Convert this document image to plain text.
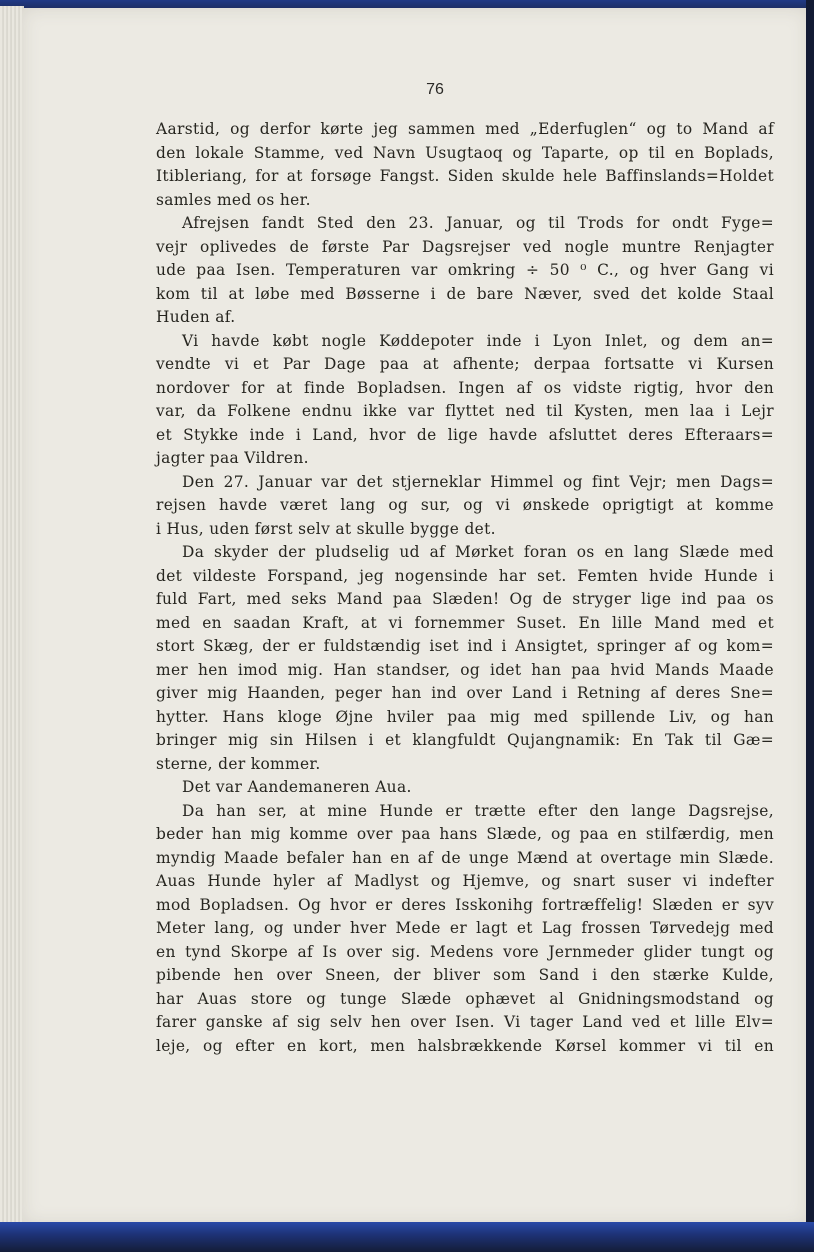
76

Aarstid, og derfor kørte jeg sammen med „Ederfuglen“ og to Mand af

den lokale Stamme, ved Navn Usugtaoq og Taparte, op til en Boplads,

Itibleriang, for at forsøge Fangst. Siden skulde hele Baffinslands=Holdet

samles med os her.

Afrejsen fandt Sted den 23. Januar, og til Trods for ondt Fyge=

vejr oplivedes de første Par Dagsrejser ved nogle muntre Renjagter

ude paa Isen. Temperaturen var omkring ÷ 50 ⁰ C., og hver Gang vi

kom til at løbe med Bøsserne i de bare Næver, sved det kolde Staal

Huden af.

Vi havde købt nogle Køddepoter inde i Lyon Inlet, og dem an=

vendte vi et Par Dage paa at afhente; derpaa fortsatte vi Kursen

nordover for at finde Bopladsen. Ingen af os vidste rigtig, hvor den

var, da Folkene endnu ikke var flyttet ned til Kysten, men laa i Lejr

et Stykke inde i Land, hvor de lige havde afsluttet deres Efteraars=

jagter paa Vildren.

Den 27. Januar var det stjerneklar Himmel og fint Vejr; men Dags=

rejsen havde været lang og sur, og vi ønskede oprigtigt at komme

i Hus, uden først selv at skulle bygge det.

Da skyder der pludselig ud af Mørket foran os en lang Slæde med

det vildeste Forspand, jeg nogensinde har set. Femten hvide Hunde i

fuld Fart, med seks Mand paa Slæden! Og de stryger lige ind paa os

med en saadan Kraft, at vi fornemmer Suset. En lille Mand med et

stort Skæg, der er fuldstændig iset ind i Ansigtet, springer af og kom=

mer hen imod mig. Han standser, og idet han paa hvid Mands Maade

giver mig Haanden, peger han ind over Land i Retning af deres Sne=

hytter. Hans kloge Øjne hviler paa mig med spillende Liv, og han

bringer mig sin Hilsen i et klangfuldt Qujangnamik: En Tak til Gæ=

sterne, der kommer.

Det var Aandemaneren Aua.

Da han ser, at mine Hunde er trætte efter den lange Dagsrejse,

beder han mig komme over paa hans Slæde, og paa en stilfærdig, men

myndig Maade befaler han en af de unge Mænd at overtage min Slæde.

Auas Hunde hyler af Madlyst og Hjemve, og snart suser vi indefter

mod Bopladsen. Og hvor er deres Isskonihg fortræffelig! Slæden er syv

Meter lang, og under hver Mede er lagt et Lag frossen Tørvedejg med

en tynd Skorpe af Is over sig. Medens vore Jernmeder glider tungt og

pibende hen over Sneen, der bliver som Sand i den stærke Kulde,

har Auas store og tunge Slæde ophævet al Gnidningsmodstand og

farer ganske af sig selv hen over Isen. Vi tager Land ved et lille Elv=

leje, og efter en kort, men halsbrækkende Kørsel kommer vi til en
